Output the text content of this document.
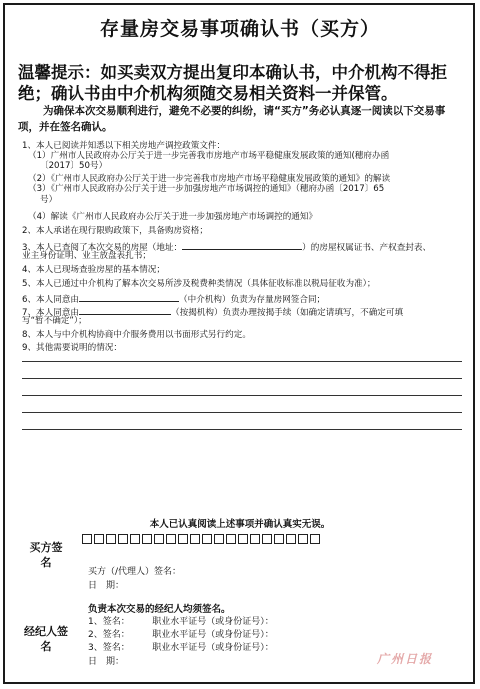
存量房交易事项确认书（买方）
温馨提示：如买卖双方提出复印本确认书，中介机构不得拒绝；确认书由中介机构须随交易相关资料一并保管。
为确保本次交易顺利进行，避免不必要的纠纷，请“买方”务必认真逐一阅读以下交易事项，并在签名确认。
1、本人已阅读并知悉以下相关房地产调控政策文件：
（1）广州市人民政府办公厅关于进一步完善我市房地产市场平稳健康发展政策的通知(穗府办函
〔2017〕50号）
（2）《广州市人民政府办公厅关于进一步完善我市房地产市场平稳健康发展政策的通知》的解读
（3）《广州市人民政府办公厅关于进一步加强房地产市场调控的通知》（穗府办函〔2017〕65
号）
（4）解读《广州市人民政府办公厅关于进一步加强房地产市场调控的通知》
2、本人承诺在现行限购政策下，具备购房资格；
3、本人已查阅了本次交易的房屋（地址：	）的房屋权属证书、产权查封表、
业主身份证明、业主放盘表扎书；
4、本人已现场查验房屋的基本情况；
5、本人已通过中介机构了解本次交易所涉及税费种类情况（具体征收标准以税局征收为准）；
6、本人同意由	（中介机构）负责为存量房网签合同；
7、本人同意由	（按揭机构）负责办理按揭手续（如确定请填写，不确定可填
写“暂不确定”）；
8、本人与中介机构协商中介服务费用以书面形式另行约定。
9、其他需要说明的情况：
本人已认真阅读上述事项并确认真实无误。
买方签名
买方（/代理人）签名：
日　期：
负责本次交易的经纪人均须签名。
经纪人签名
1、签名：　　　职业水平证号（或身份证号）：
2、签名：　　　职业水平证号（或身份证号）：
3、签名：　　　职业水平证号（或身份证号）：
日　期：	广州日报
